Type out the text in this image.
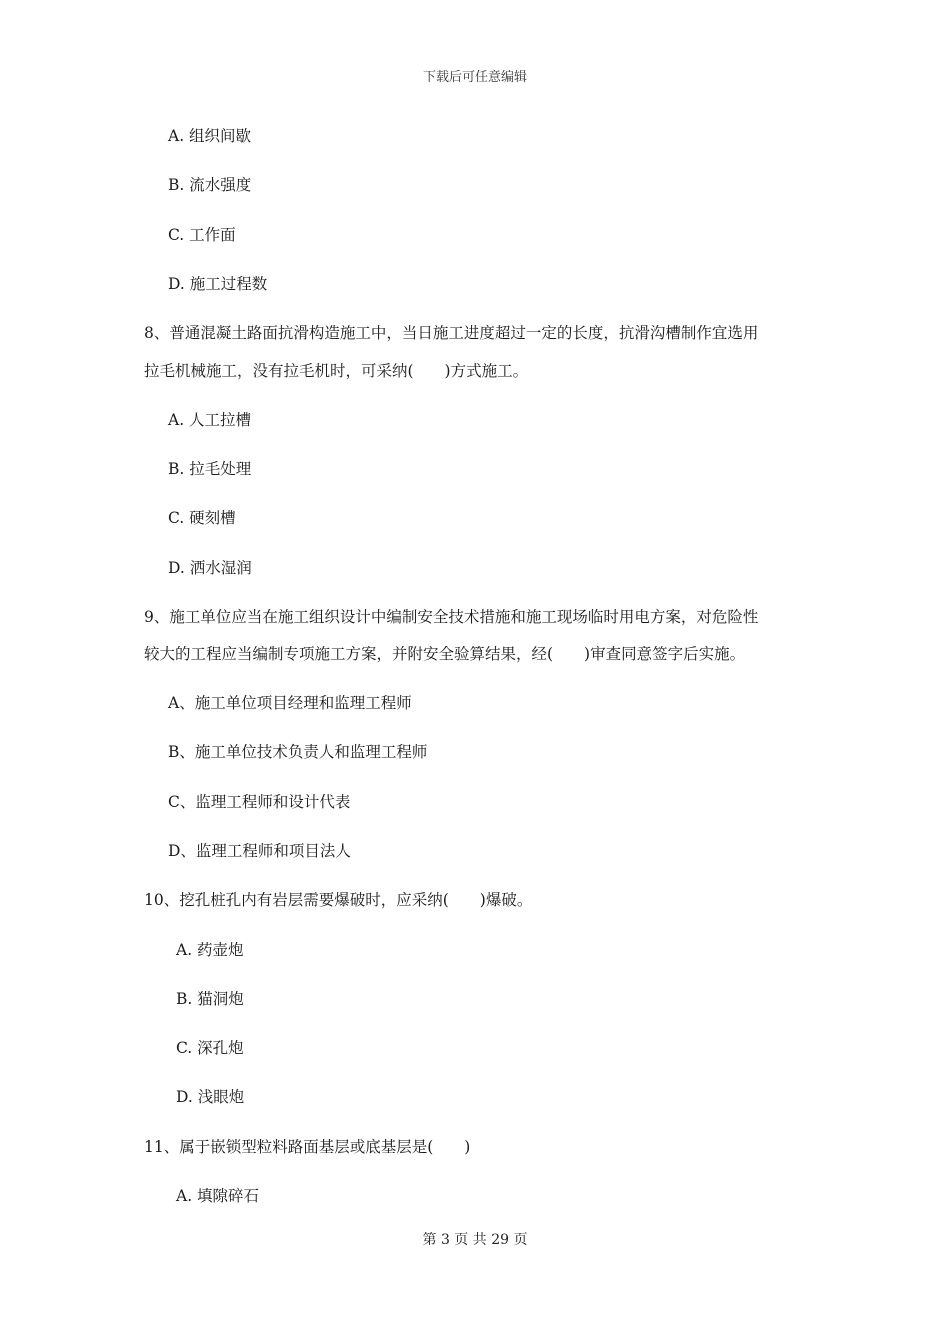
下载后可任意编辑
A. 组织间歇
B. 流水强度
C. 工作面
D. 施工过程数
8、普通混凝土路面抗滑构造施工中，当日施工进度超过一定的长度，抗滑沟槽制作宜选用
拉毛机械施工，没有拉毛机时，可采纳(　　)方式施工。
A. 人工拉槽
B. 拉毛处理
C. 硬刻槽
D. 洒水湿润
9、施工单位应当在施工组织设计中编制安全技术措施和施工现场临时用电方案，对危险性
较大的工程应当编制专项施工方案，并附安全验算结果，经(　　)审查同意签字后实施。
A、施工单位项目经理和监理工程师
B、施工单位技术负责人和监理工程师
C、监理工程师和设计代表
D、监理工程师和项目法人
10、挖孔桩孔内有岩层需要爆破时，应采纳(　　)爆破。
A. 药壶炮
B. 猫洞炮
C. 深孔炮
D. 浅眼炮
11、属于嵌锁型粒料路面基层或底基层是(　　)
A. 填隙碎石
第 3 页 共 29 页
